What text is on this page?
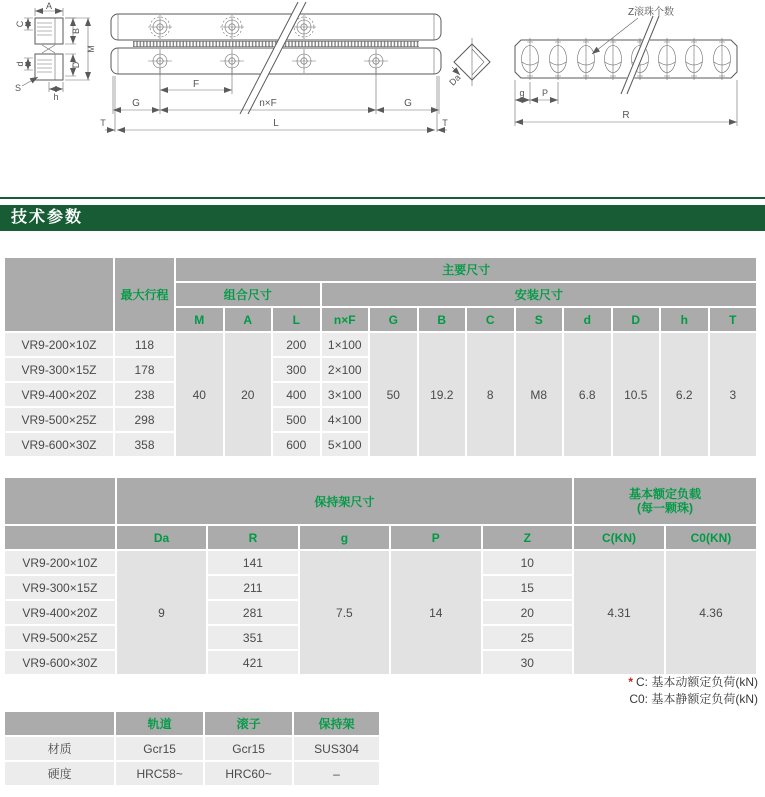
A
C
B
M
d	D
S
h
F
G	n×F	G
L
T	T
Da
Z滚珠个数
g P
R
技术参数
	最大行程	主要尺寸											
		组合尺寸			安装尺寸								
		M	A	L	n×F	G	B	C	S	d	D	h	T
VR9-200×10Z	118	40	20	200	1×100	50	19.2	8	M8	6.8	10.5	6.2	3
VR9-300×15Z	178			300	2×100								
VR9-400×20Z	238			400	3×100								
VR9-500×25Z	298			500	4×100								
VR9-600×30Z	358			600	5×100								
	保持架尺寸					基本额定负载
(每一颗珠)	

	Da	R	g	P	Z	C(KN)	C0(KN)
VR9-200×10Z	9	141	7.5	14	10	4.31	4.36
VR9-300×15Z		211			15		
VR9-400×20Z		281			20		
VR9-500×25Z		351			25		
VR9-600×30Z		421			30		
* C: 基本动额定负荷(kN)
C0: 基本静额定负荷(kN)
	轨道	滚子	保持架
材质	Gcr15	Gcr15	SUS304
硬度	HRC58~	HRC60~	–
